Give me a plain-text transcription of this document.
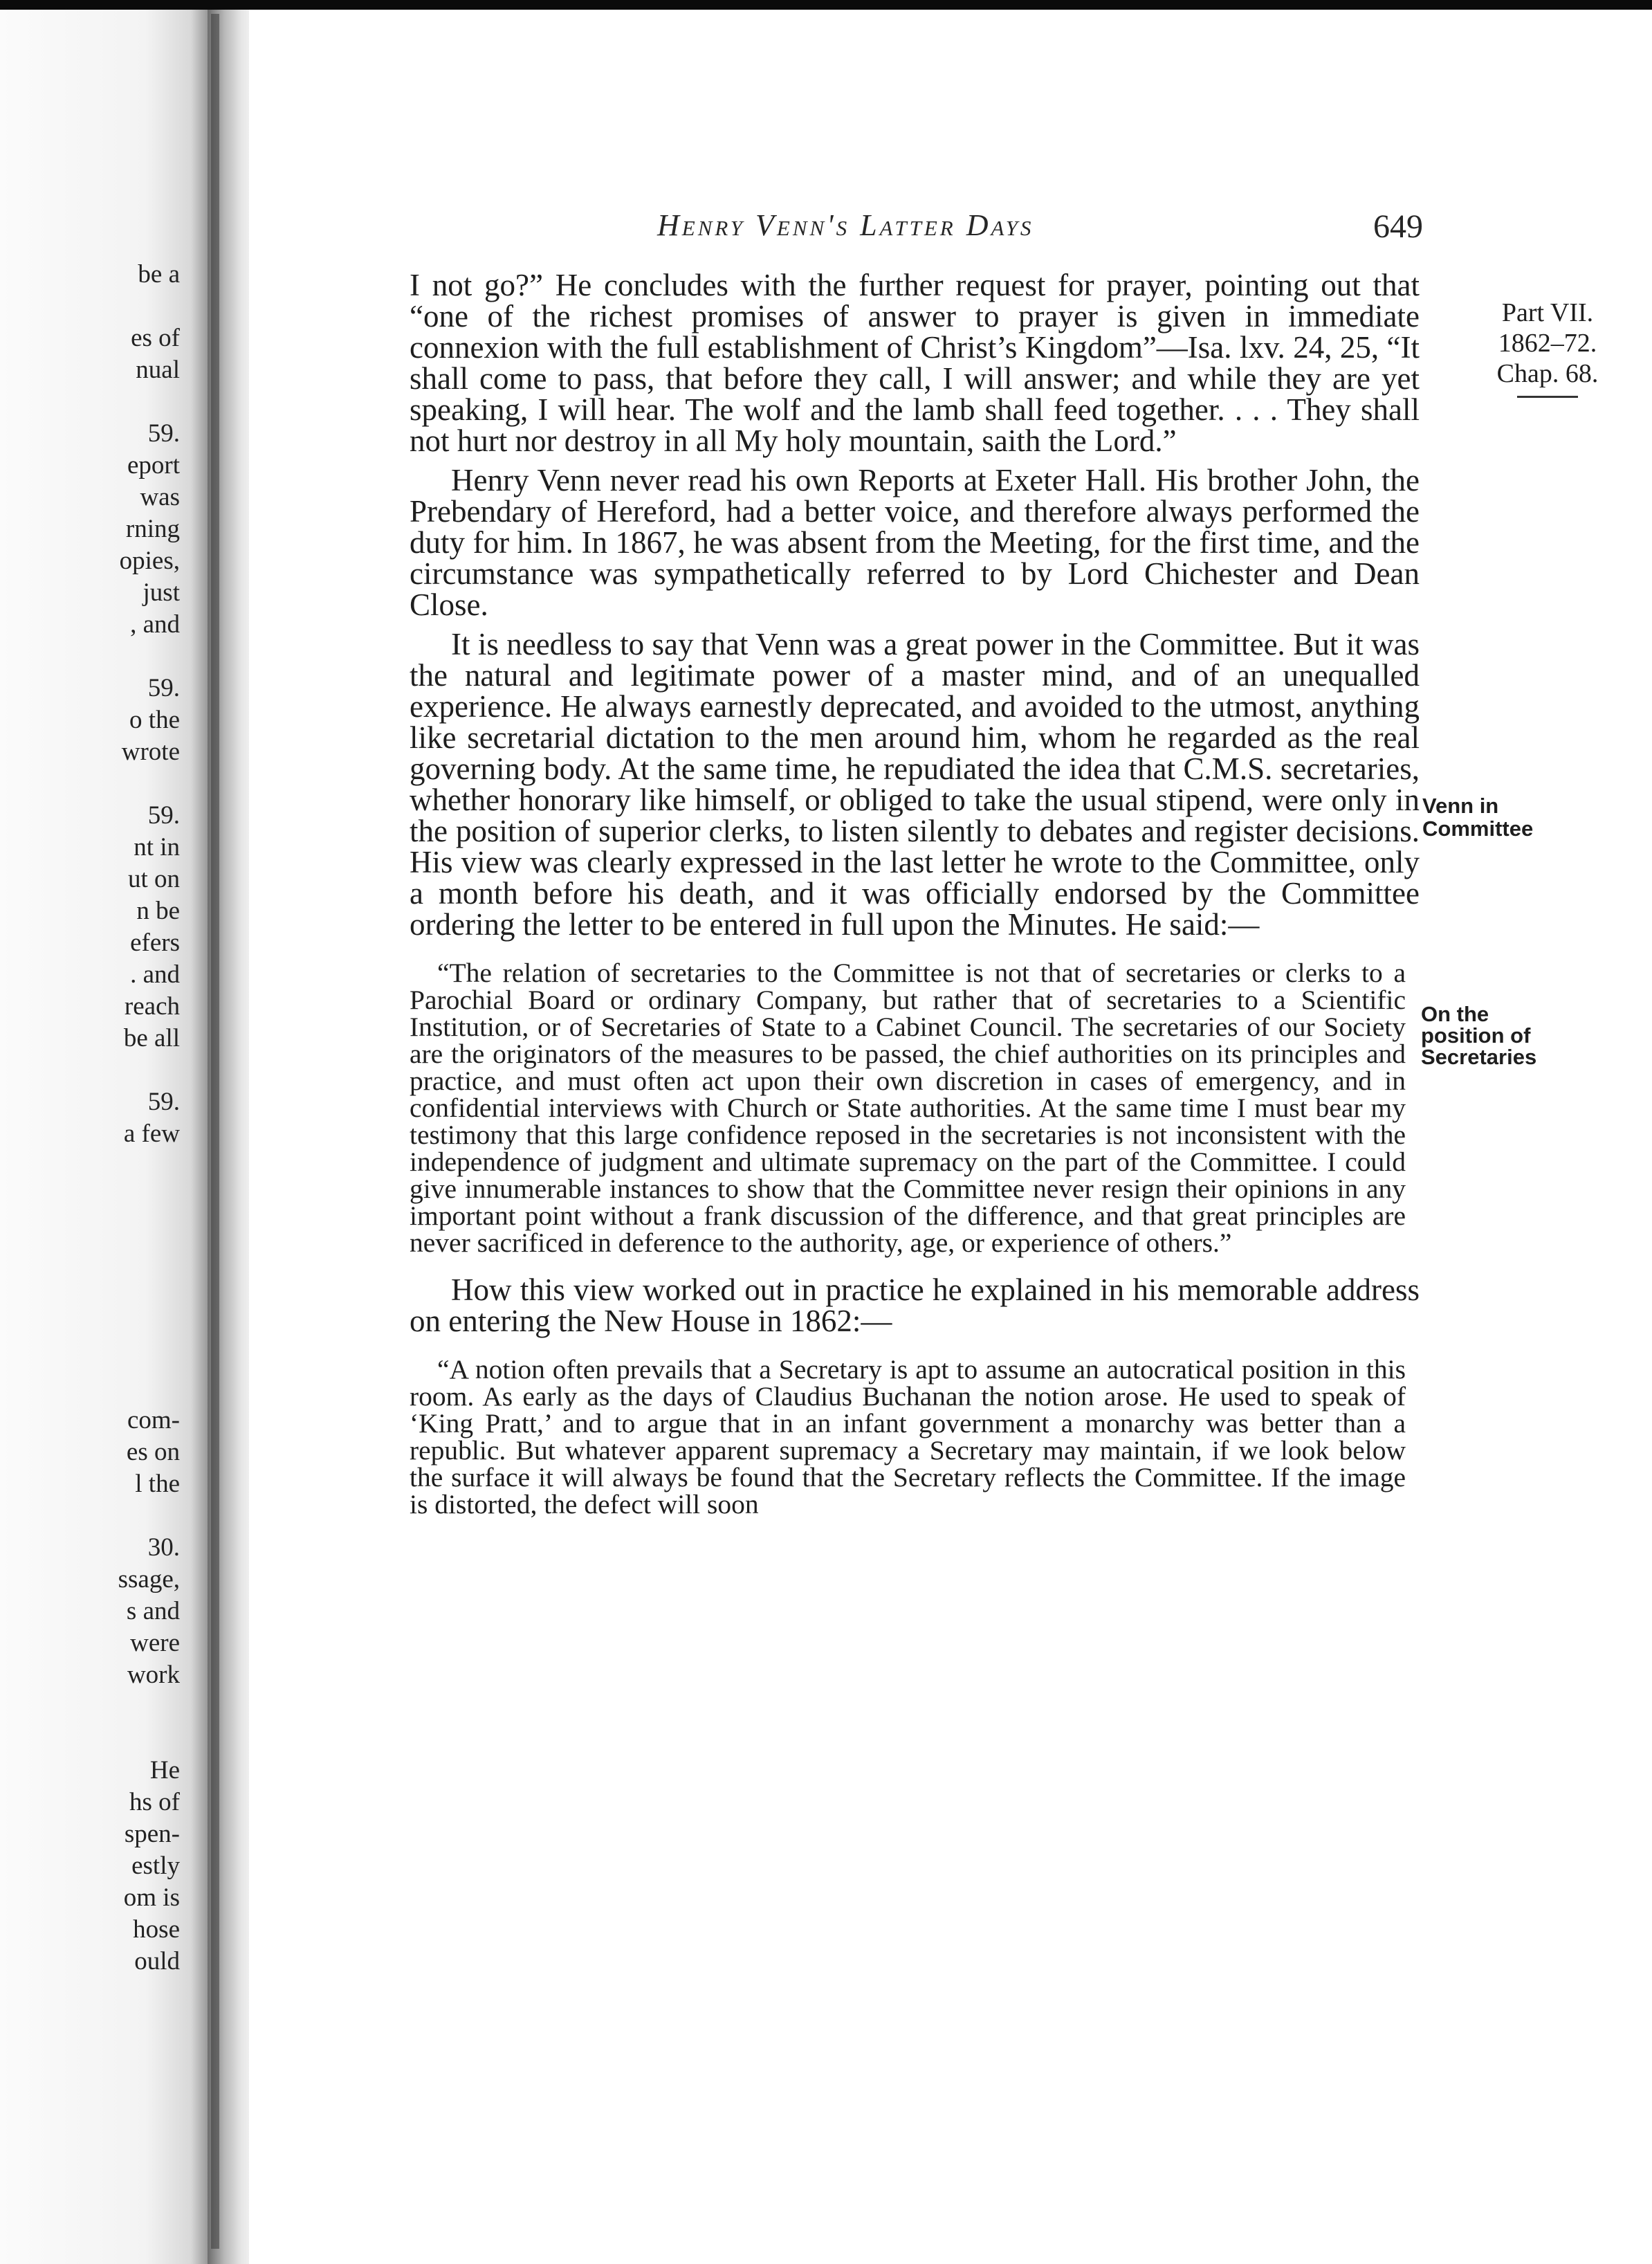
be a

es of
nual

59.
eport
was
rning
opies,
just
, and

59.
o the
wrote

59.
nt in
ut on
n be
efers
. and
reach
be all

59.
a few

com-
es on
l the

30.
ssage,
s and
were
work

He
hs of
spen-
estly
om is
hose
ould
Henry Venn's Latter Days	649
Part VII.
1862–72.
Chap. 68.
Venn in
Committee
On the
position of
Secretaries

I not go?” He concludes with the further request for prayer, pointing out that “one of the richest promises of answer to prayer is given in immediate connexion with the full establishment of Christ’s Kingdom”—Isa. lxv. 24, 25, “It shall come to pass, that before they call, I will answer; and while they are yet speaking, I will hear. The wolf and the lamb shall feed together. . . . They shall not hurt nor destroy in all My holy mountain, saith the Lord.”

Henry Venn never read his own Reports at Exeter Hall. His brother John, the Prebendary of Hereford, had a better voice, and therefore always performed the duty for him. In 1867, he was absent from the Meeting, for the first time, and the circumstance was sympathetically referred to by Lord Chichester and Dean Close.

It is needless to say that Venn was a great power in the Committee. But it was the natural and legitimate power of a master mind, and of an unequalled experience. He always earnestly deprecated, and avoided to the utmost, anything like secretarial dictation to the men around him, whom he regarded as the real governing body. At the same time, he repudiated the idea that C.M.S. secretaries, whether honorary like himself, or obliged to take the usual stipend, were only in the position of superior clerks, to listen silently to debates and register decisions. His view was clearly expressed in the last letter he wrote to the Committee, only a month before his death, and it was officially endorsed by the Committee ordering the letter to be entered in full upon the Minutes. He said:—

“The relation of secretaries to the Committee is not that of secretaries or clerks to a Parochial Board or ordinary Company, but rather that of secretaries to a Scientific Institution, or of Secretaries of State to a Cabinet Council. The secretaries of our Society are the originators of the measures to be passed, the chief authorities on its principles and practice, and must often act upon their own discretion in cases of emergency, and in confidential interviews with Church or State authorities. At the same time I must bear my testimony that this large confidence reposed in the secretaries is not inconsistent with the independence of judgment and ultimate supremacy on the part of the Committee. I could give innumerable instances to show that the Committee never resign their opinions in any important point without a frank discussion of the difference, and that great principles are never sacrificed in deference to the authority, age, or experience of others.”

How this view worked out in practice he explained in his memorable address on entering the New House in 1862:—

“A notion often prevails that a Secretary is apt to assume an autocratical position in this room. As early as the days of Claudius Buchanan the notion arose. He used to speak of ‘King Pratt,’ and to argue that in an infant government a monarchy was better than a republic. But whatever apparent supremacy a Secretary may maintain, if we look below the surface it will always be found that the Secretary reflects the Committee. If the image is distorted, the defect will soon
